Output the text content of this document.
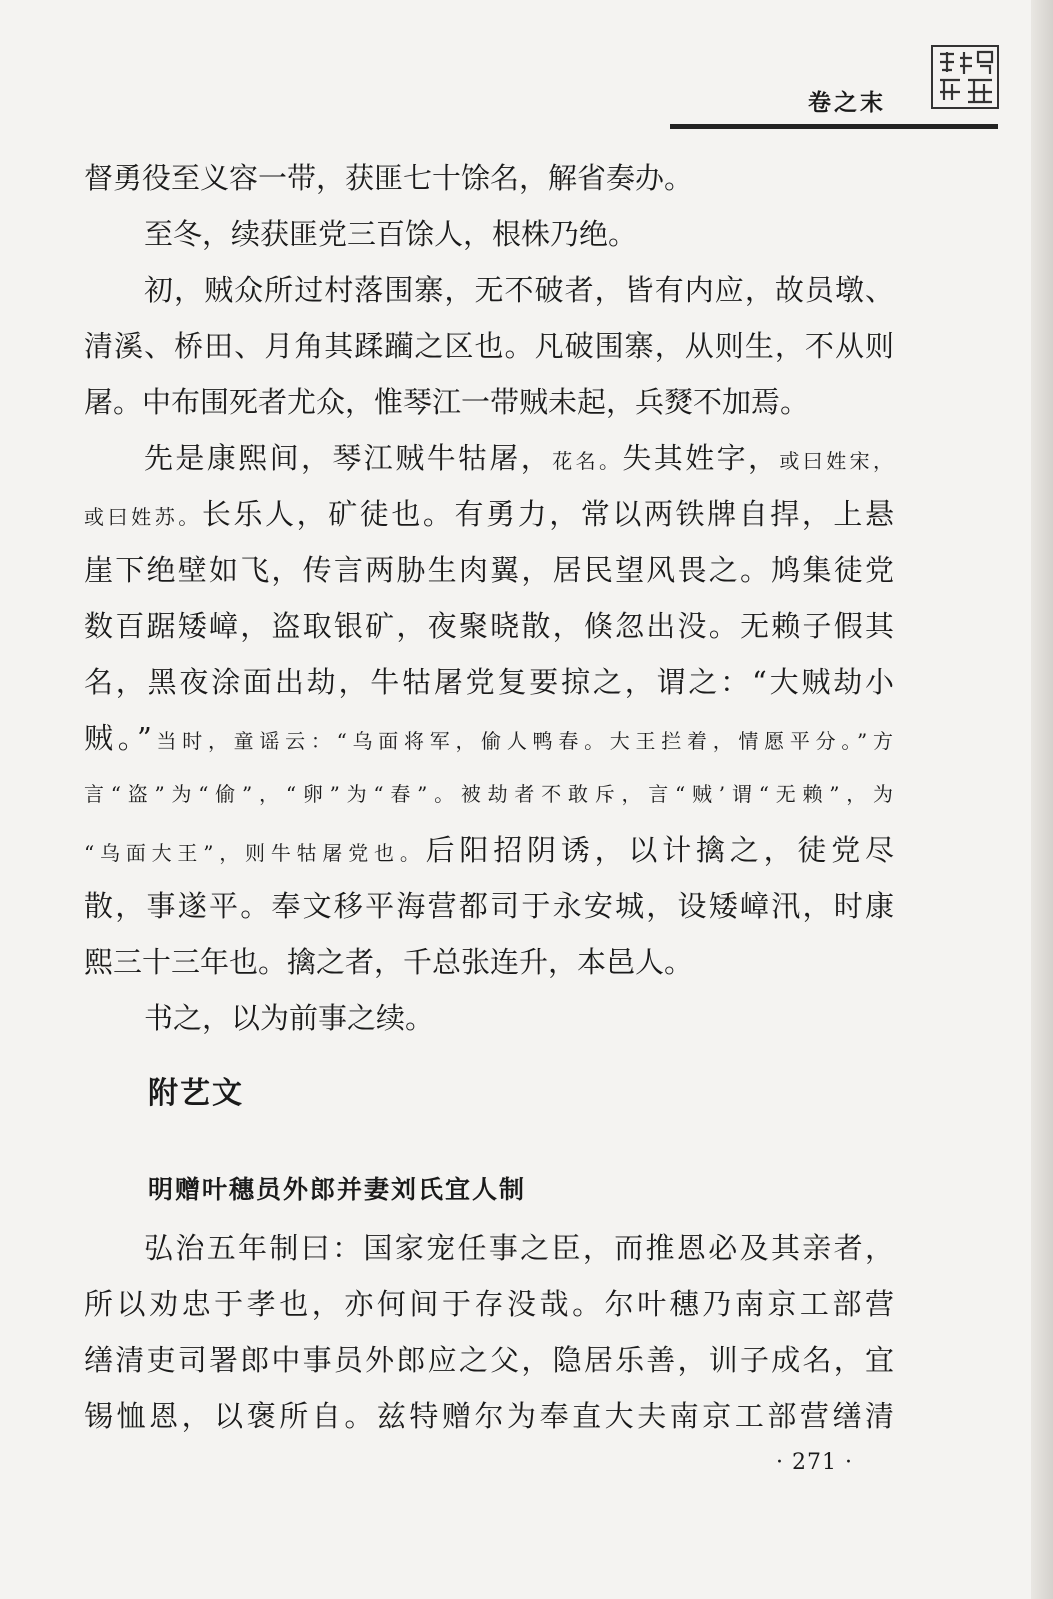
卷之末
督勇役至义容一带，获匪七十馀名，解省奏办。
至冬，续获匪党三百馀人，根株乃绝。
初，贼众所过村落围寨，无不破者，皆有内应，故员墩、
清溪、桥田、月角其蹂躏之区也。凡破围寨，从则生，不从则
屠。中布围死者尤众，惟琴江一带贼未起，兵燹不加焉。
先是康熙间，琴江贼牛牯屠，花名。失其姓字，或曰姓宋，
或曰姓苏。长乐人，矿徒也。有勇力，常以两铁牌自捍，上悬
崖下绝壁如飞，传言两胁生肉翼，居民望风畏之。鸠集徒党
数百踞矮嶂，盗取银矿，夜聚晓散，倏忽出没。无赖子假其
名，黑夜涂面出劫，牛牯屠党复要掠之，谓之：“大贼劫小
贼。”当时，童谣云：“乌面将军，偷人鸭春。大王拦着，情愿平分。”方
言“盗”为“偷”，“卵”为“春”。被劫者不敢斥，言“贼’谓“无赖”，为
“乌面大王”，则牛牯屠党也。后阳招阴诱，以计擒之，徒党尽
散，事遂平。奉文移平海营都司于永安城，设矮嶂汛，时康
熙三十三年也。擒之者，千总张连升，本邑人。
书之，以为前事之续。
附艺文
明赠叶穗员外郎并妻刘氏宜人制
弘治五年制曰：国家宠任事之臣，而推恩必及其亲者，
所以劝忠于孝也，亦何间于存没哉。尔叶穗乃南京工部营
缮清吏司署郎中事员外郎应之父，隐居乐善，训子成名，宜
锡恤恩，以褒所自。兹特赠尔为奉直大夫南京工部营缮清
· 271 ·
